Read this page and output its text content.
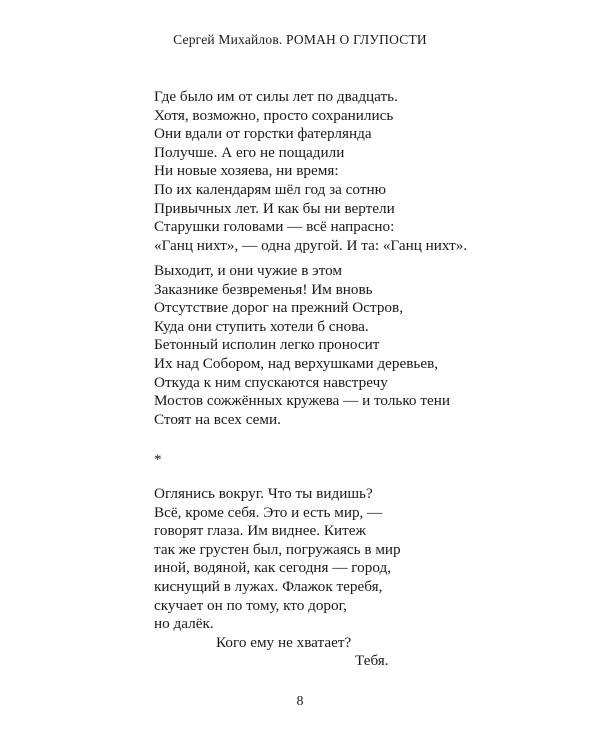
Сергей Михайлов. РОМАН О ГЛУПОСТИ
Где было им от силы лет по двадцать.
Хотя, возможно, просто сохранились
Они вдали от горстки фатерлянда
Получше. А его не пощадили
Ни новые хозяева, ни время:
По их календарям шёл год за сотню
Привычных лет. И как бы ни вертели
Старушки головами — всё напрасно:
«Ганц нихт», — одна другой. И та: «Ганц нихт».
Выходит, и они чужие в этом
Заказнике безвременья! Им вновь
Отсутствие дорог на прежний Остров,
Куда они ступить хотели б снова.
Бетонный исполин легко проносит
Их над Собором, над верхушками деревьев,
Откуда к ним спускаются навстречу
Мостов сожжённых кружева — и только тени
Стоят на всех семи.
*
Оглянись вокруг. Что ты видишь?
Всё, кроме себя. Это и есть мир, —
говорят глаза. Им виднее. Китеж
так же грустен был, погружаясь в мир
иной, водяной, как сегодня — город,
киснущий в лужах. Флажок теребя,
скучает он по тому, кто дорог,
но далёк.
Кого ему не хватает?
Тебя.
8
